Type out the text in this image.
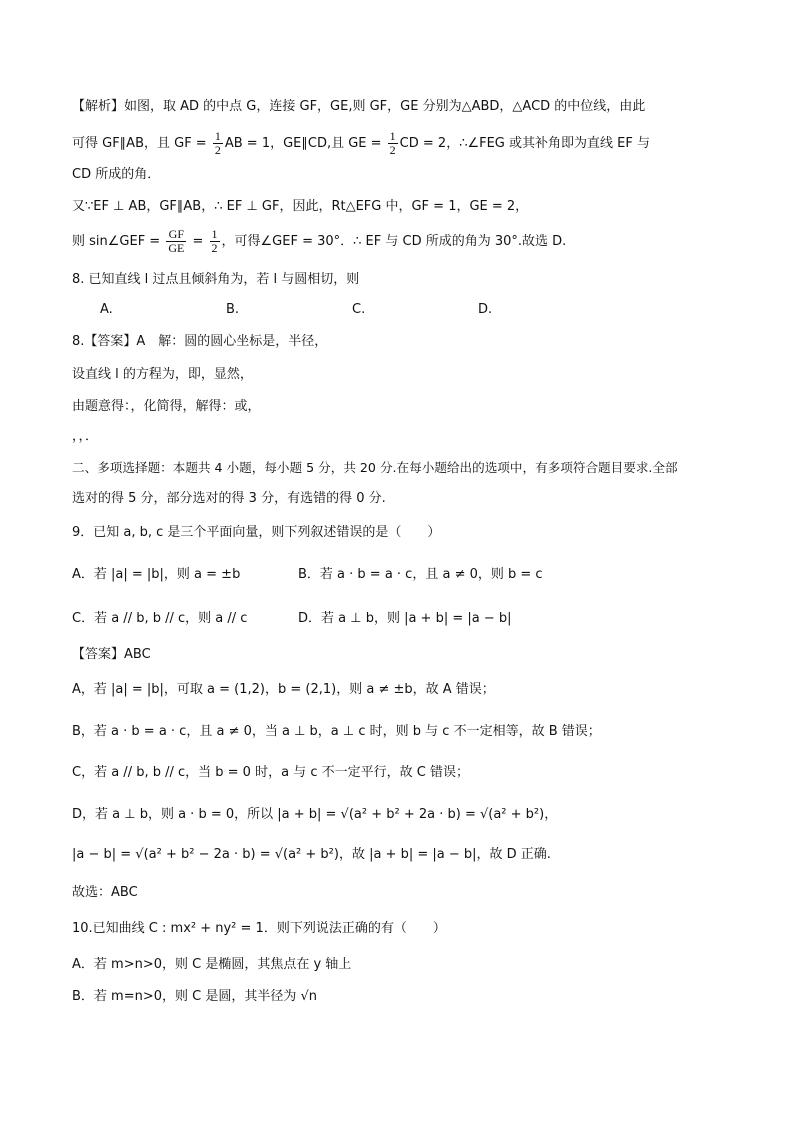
【解析】如图，取 AD 的中点 G，连接 GF，GE,则 GF，GE 分别为△ABD，△ACD 的中位线，由此
可得 GF∥AB，且 GF = $\frac{1}{2}$ AB = 1，GE∥CD,且 GE = $\frac{1}{2}$ CD = 2，∴∠FEG 或其补角即为直线 EF 与
CD 所成的角．
又∵EF ⊥ AB，GF∥AB，∴ EF ⊥ GF，因此，Rt△EFG 中，GF = 1，GE = 2，
则 sin∠GEF = $\frac{GF}{GE} = \frac{1}{2}$ ，可得∠GEF = 30°．∴ EF 与 CD 所成的角为 30°.故选 D.
8. 已知直线 l 过点且倾斜角为，若 l 与圆相切，则
A.	B.	C.	D.
8.【答案】A　解：圆的圆心坐标是，半径，
设直线 l 的方程为，即，显然，
由题意得：，化简得，解得：或，
，，．
二、多项选择题：本题共 4 小题，每小题 5 分，共 20 分.在每小题给出的选项中，有多项符合题目要求.全部
选对的得 5 分，部分选对的得 3 分，有选错的得 0 分.
9．已知 a, b, c 是三个平面向量，则下列叙述错误的是（　　）
A．若 |a| = |b|，则 a = ±b	B．若 a · b = a · c，且 a ≠ 0，则 b = c
C．若 a // b, b // c，则 a // c	D．若 a ⊥ b，则 |a + b| = |a − b|
【答案】ABC
A，若 |a| = |b|，可取 a = (1,2)，b = (2,1)，则 a ≠ ±b，故 A 错误；
B，若 a · b = a · c，且 a ≠ 0，当 a ⊥ b，a ⊥ c 时，则 b 与 c 不一定相等，故 B 错误；
C，若 a // b, b // c，当 b = 0 时，a 与 c 不一定平行，故 C 错误；
D，若 a ⊥ b，则 a · b = 0，所以 |a + b| = √(a² + b² + 2a · b) = √(a² + b²)，
|a − b| = √(a² + b² − 2a · b) = √(a² + b²)，故 |a + b| = |a − b|，故 D 正确.
故选：ABC
10.已知曲线 C : mx² + ny² = 1．则下列说法正确的有（　　）
A．若 m>n>0，则 C 是椭圆，其焦点在 y 轴上
B．若 m=n>0，则 C 是圆，其半径为 √n
